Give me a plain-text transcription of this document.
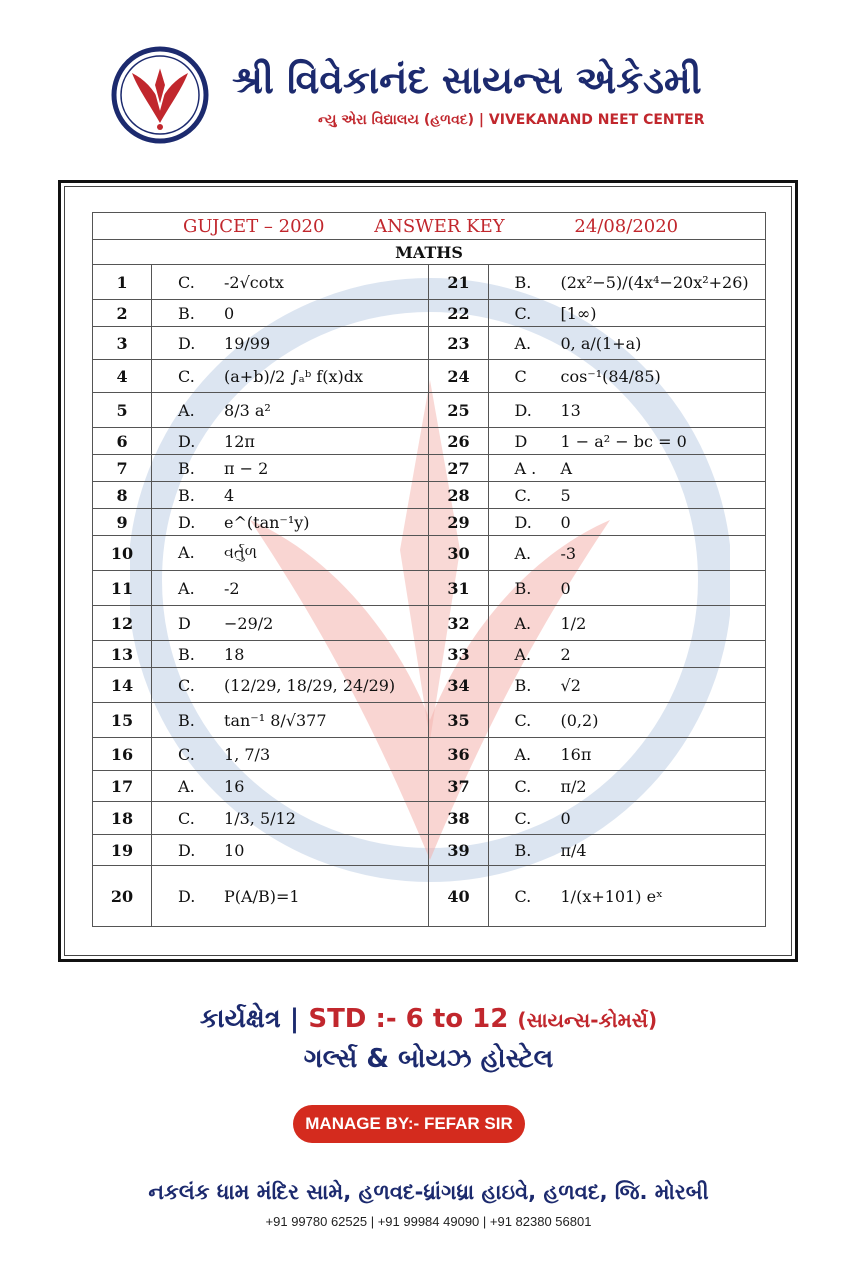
શ્રી વિવેકાનંદ સાયન્સ એકેડમી
ન્યુ એરા વિદ્યાલય (હળવદ) | VIVEKANAND NEET CENTER
GUJCET – 2020 ANSWER KEY 24/08/2020			
MATHS			
1	C. -2√cotx	21	B. (2x²−5)/(4x⁴−20x²+26)
2	B. 0	22	C. [1∞)
3	D. 19/99	23	A. 0, a/(1+a)
4	C. (a+b)/2 ∫ₐᵇ f(x)dx	24	C cos⁻¹(84/85)
5	A. 8/3 a²	25	D. 13
6	D. 12π	26	D 1 − a² − bc = 0
7	B. π − 2	27	A . A
8	B. 4	28	C. 5
9	D. e^(tan⁻¹y)	29	D. 0
10	A. વર્તુળ	30	A. -3
11	A. -2	31	B. 0
12	D −29/2	32	A. 1/2
13	B. 18	33	A. 2
14	C. (12/29, 18/29, 24/29)	34	B. √2
15	B. tan⁻¹ 8/√377	35	C. (0,2)
16	C. 1, 7/3	36	A. 16π
17	A. 16	37	C. π/2
18	C. 1/3, 5/12	38	C. 0
19	D. 10	39	B. π/4
20	D. P(A/B)=1	40	C. 1/(x+101) eˣ
કાર્યક્ષેત્ર | STD :- 6 to 12 (સાયન્સ-કોમર્સ)
ગર્લ્સ & બોયઝ હોસ્ટેલ
MANAGE BY:- FEFAR SIR
નકલંક ધામ મંદિર સામે, હળવદ-ધ્રાંગધ્રા હાઇવે, હળવદ, જિ. મોરબી
+91 99780 62525 | +91 99984 49090 | +91 82380 56801
